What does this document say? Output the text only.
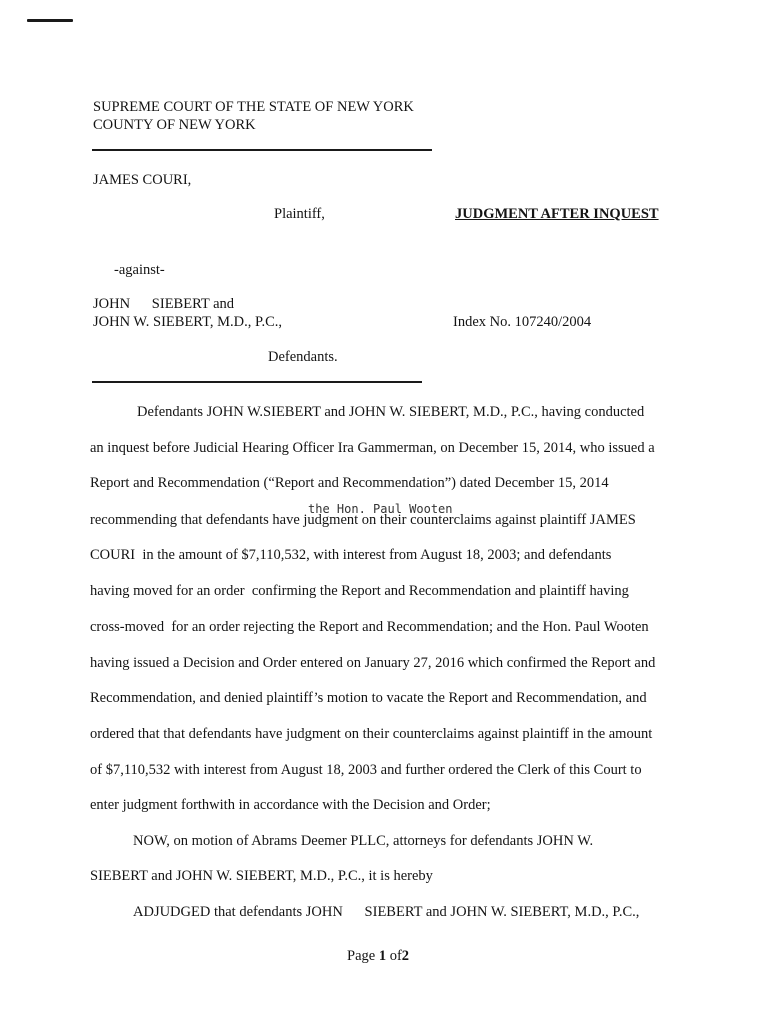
SUPREME COURT OF THE STATE OF NEW YORK
COUNTY OF NEW YORK
JAMES COURI,
Plaintiff,	JUDGMENT AFTER INQUEST
-against-
JOHN      SIEBERT and
JOHN W. SIEBERT, M.D., P.C.,	Index No. 107240/2004
Defendants.
Defendants JOHN W.SIEBERT and JOHN W. SIEBERT, M.D., P.C., having conducted
an inquest before Judicial Hearing Officer Ira Gammerman, on December 15, 2014, who issued a
Report and Recommendation (“Report and Recommendation”) dated December 15, 2014
the Hon. Paul Wooten
recommending that defendants have judgment on their counterclaims against plaintiff JAMES
COURI  in the amount of $7,110,532, with interest from August 18, 2003; and defendants
having moved for an order  confirming the Report and Recommendation and plaintiff having
cross-moved  for an order rejecting the Report and Recommendation; and the Hon. Paul Wooten
having issued a Decision and Order entered on January 27, 2016 which confirmed the Report and
Recommendation, and denied plaintiff’s motion to vacate the Report and Recommendation, and
ordered that that defendants have judgment on their counterclaims against plaintiff in the amount
of $7,110,532 with interest from August 18, 2003 and further ordered the Clerk of this Court to
enter judgment forthwith in accordance with the Decision and Order;
NOW, on motion of Abrams Deemer PLLC, attorneys for defendants JOHN W.
SIEBERT and JOHN W. SIEBERT, M.D., P.C., it is hereby
ADJUDGED that defendants JOHN      SIEBERT and JOHN W. SIEBERT, M.D., P.C.,
Page 1 of2
